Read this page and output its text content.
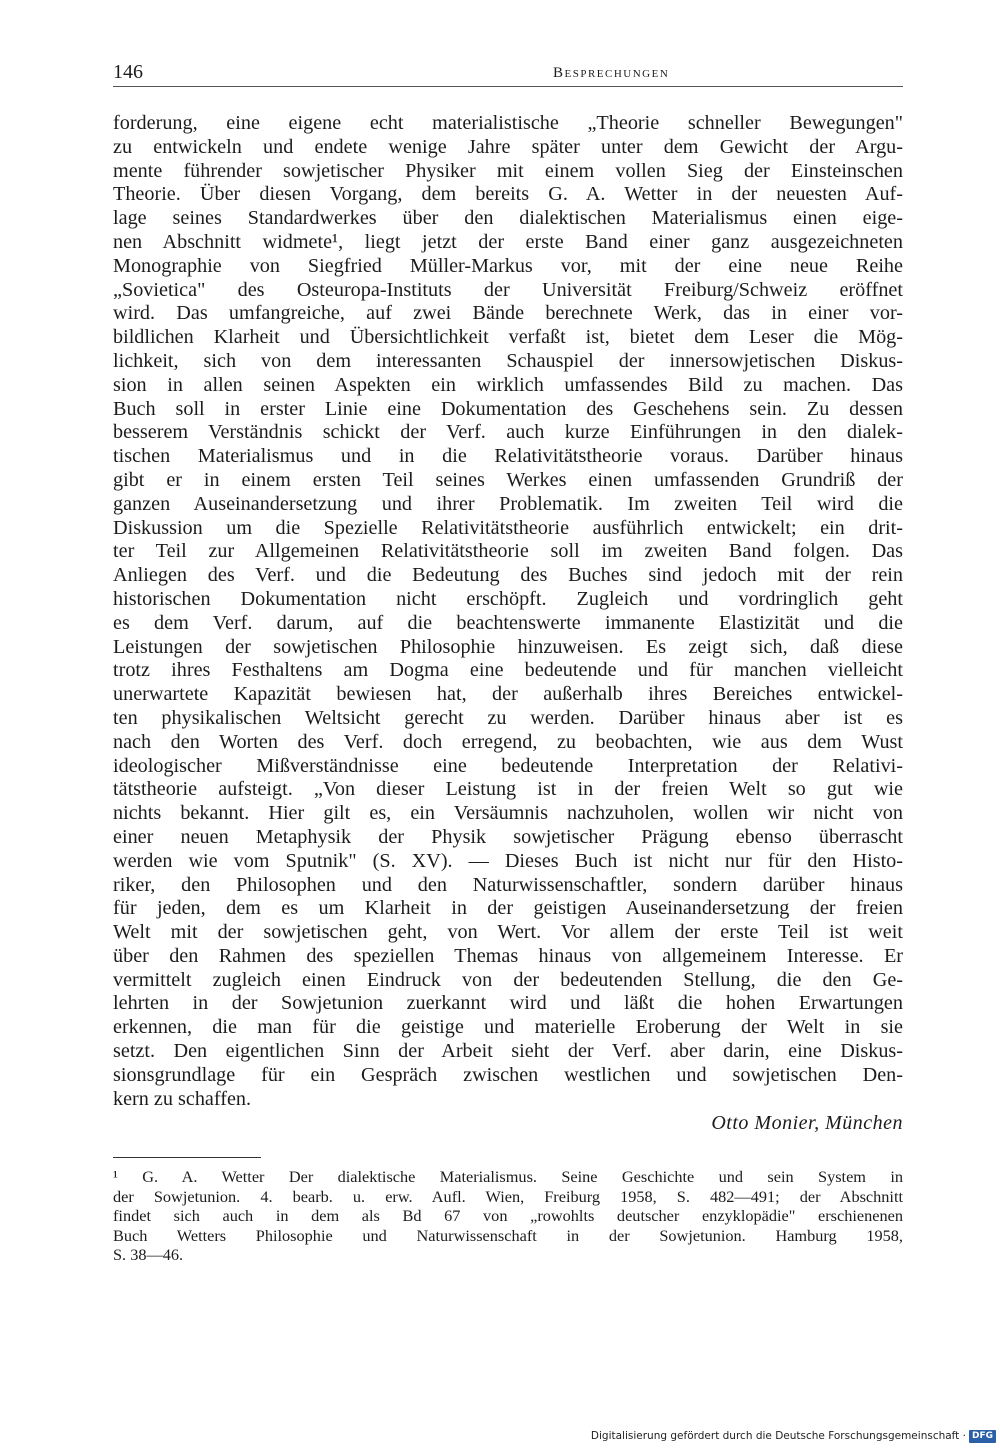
146	Besprechungen
forderung, eine eigene echt materialistische „Theorie schneller Bewegungen"
zu entwickeln und endete wenige Jahre später unter dem Gewicht der Argu-
mente führender sowjetischer Physiker mit einem vollen Sieg der Einsteinschen
Theorie. Über diesen Vorgang, dem bereits G. A. Wetter in der neuesten Auf-
lage seines Standardwerkes über den dialektischen Materialismus einen eige-
nen Abschnitt widmete¹, liegt jetzt der erste Band einer ganz ausgezeichneten
Monographie von Siegfried Müller-Markus vor, mit der eine neue Reihe
„Sovietica" des Osteuropa-Instituts der Universität Freiburg/Schweiz eröffnet
wird. Das umfangreiche, auf zwei Bände berechnete Werk, das in einer vor-
bildlichen Klarheit und Übersichtlichkeit verfaßt ist, bietet dem Leser die Mög-
lichkeit, sich von dem interessanten Schauspiel der innersowjetischen Diskus-
sion in allen seinen Aspekten ein wirklich umfassendes Bild zu machen. Das
Buch soll in erster Linie eine Dokumentation des Geschehens sein. Zu dessen
besserem Verständnis schickt der Verf. auch kurze Einführungen in den dialek-
tischen Materialismus und in die Relativitätstheorie voraus. Darüber hinaus
gibt er in einem ersten Teil seines Werkes einen umfassenden Grundriß der
ganzen Auseinandersetzung und ihrer Problematik. Im zweiten Teil wird die
Diskussion um die Spezielle Relativitätstheorie ausführlich entwickelt; ein drit-
ter Teil zur Allgemeinen Relativitätstheorie soll im zweiten Band folgen. Das
Anliegen des Verf. und die Bedeutung des Buches sind jedoch mit der rein
historischen Dokumentation nicht erschöpft. Zugleich und vordringlich geht
es dem Verf. darum, auf die beachtenswerte immanente Elastizität und die
Leistungen der sowjetischen Philosophie hinzuweisen. Es zeigt sich, daß diese
trotz ihres Festhaltens am Dogma eine bedeutende und für manchen vielleicht
unerwartete Kapazität bewiesen hat, der außerhalb ihres Bereiches entwickel-
ten physikalischen Weltsicht gerecht zu werden. Darüber hinaus aber ist es
nach den Worten des Verf. doch erregend, zu beobachten, wie aus dem Wust
ideologischer Mißverständnisse eine bedeutende Interpretation der Relativi-
tätstheorie aufsteigt. „Von dieser Leistung ist in der freien Welt so gut wie
nichts bekannt. Hier gilt es, ein Versäumnis nachzuholen, wollen wir nicht von
einer neuen Metaphysik der Physik sowjetischer Prägung ebenso überrascht
werden wie vom Sputnik" (S. XV). — Dieses Buch ist nicht nur für den Histo-
riker, den Philosophen und den Naturwissenschaftler, sondern darüber hinaus
für jeden, dem es um Klarheit in der geistigen Auseinandersetzung der freien
Welt mit der sowjetischen geht, von Wert. Vor allem der erste Teil ist weit
über den Rahmen des speziellen Themas hinaus von allgemeinem Interesse. Er
vermittelt zugleich einen Eindruck von der bedeutenden Stellung, die den Ge-
lehrten in der Sowjetunion zuerkannt wird und läßt die hohen Erwartungen
erkennen, die man für die geistige und materielle Eroberung der Welt in sie
setzt. Den eigentlichen Sinn der Arbeit sieht der Verf. aber darin, eine Diskus-
sionsgrundlage für ein Gespräch zwischen westlichen und sowjetischen Den-
kern zu schaffen.
Otto Monier, München
¹ G. A. Wetter Der dialektische Materialismus. Seine Geschichte und sein System in
der Sowjetunion. 4. bearb. u. erw. Aufl. Wien, Freiburg 1958, S. 482—491; der Abschnitt
findet sich auch in dem als Bd 67 von „rowohlts deutscher enzyklopädie" erschienenen
Buch Wetters Philosophie und Naturwissenschaft in der Sowjetunion. Hamburg 1958,
S. 38—46.
Digitalisierung gefördert durch die Deutsche Forschungsgemeinschaft · DFG
